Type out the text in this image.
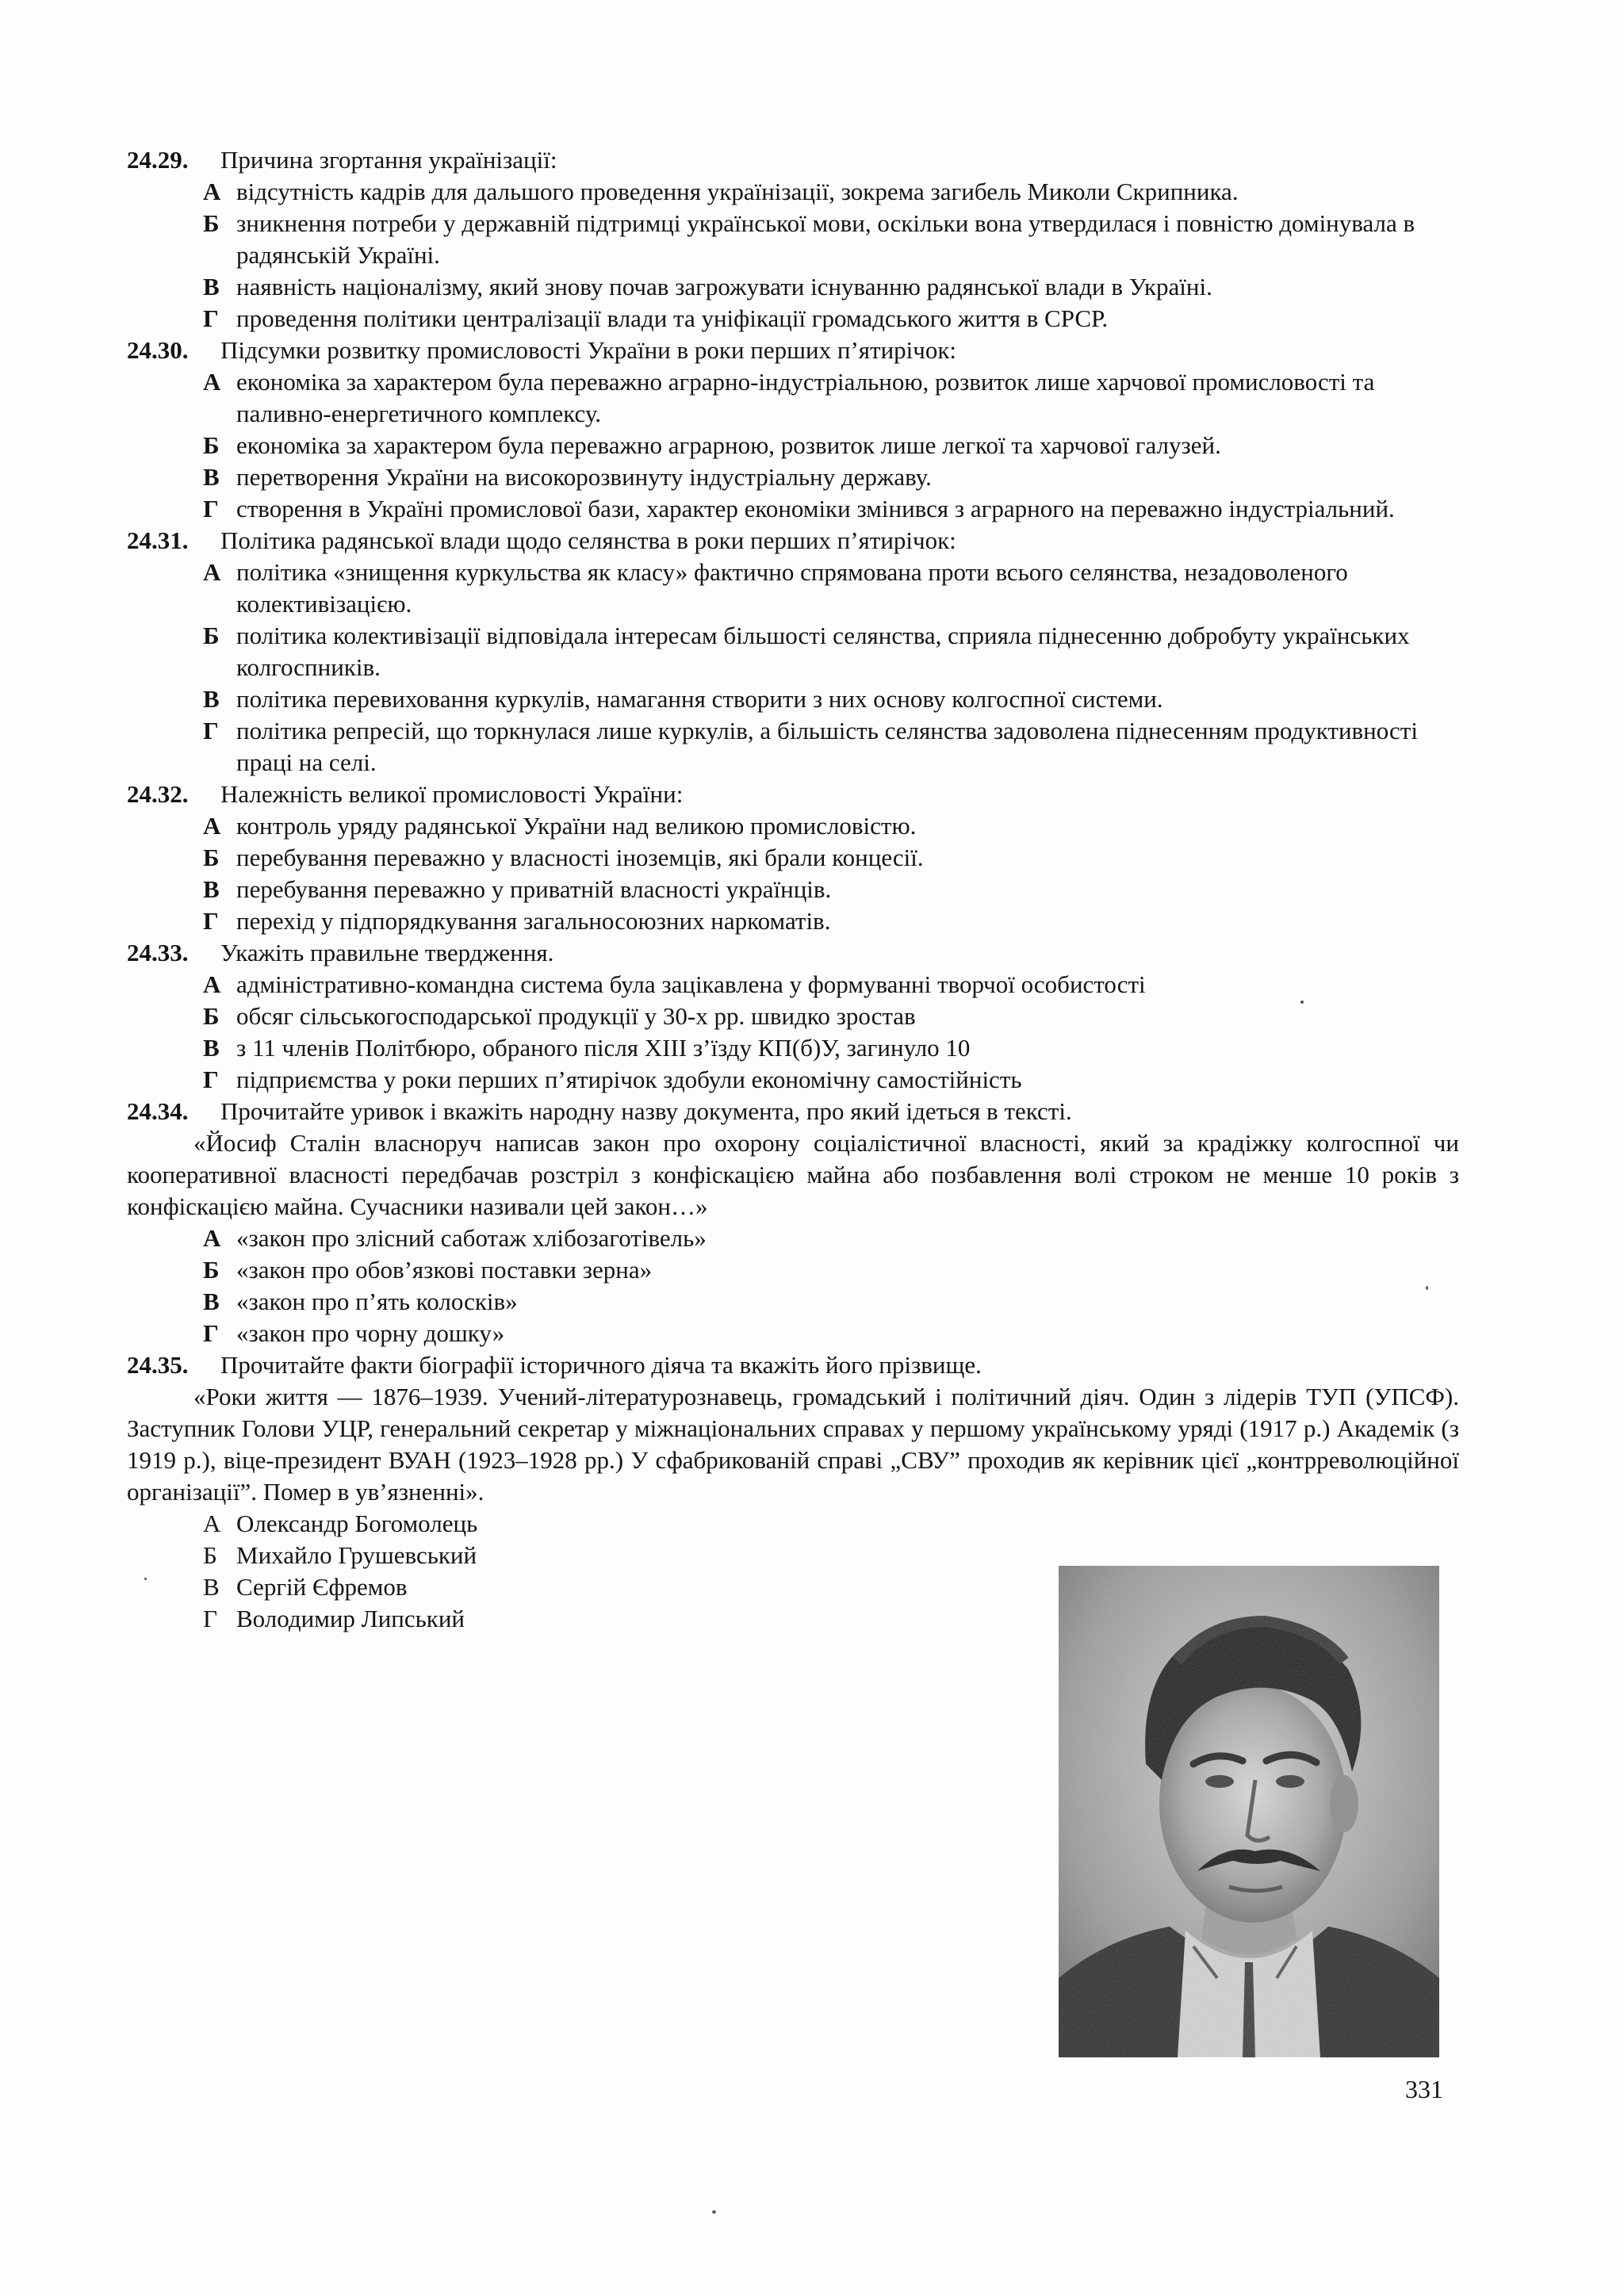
24.29.	Причина згортання українізації:
А відсутність кадрів для дальшого проведення українізації, зокрема загибель Миколи Скрипника.
Б зникнення потреби у державній підтримці української мови, оскільки вона утвердилася і повністю домінувала в радянській Україні.
В наявність націоналізму, який знову почав загрожувати існуванню радянської влади в Україні.
Г проведення політики централізації влади та уніфікації громадського життя в СРСР.
24.30.	Підсумки розвитку промисловості України в роки перших п’ятирічок:
А економіка за характером була переважно аграрно-індустріальною, розвиток лише харчової промисловості та паливно-енергетичного комплексу.
Б економіка за характером була переважно аграрною, розвиток лише легкої та харчової галузей.
В перетворення України на високорозвинуту індустріальну державу.
Г створення в Україні промислової бази, характер економіки змінився з аграрного на переважно індустріальний.
24.31.	Політика радянської влади щодо селянства в роки перших п’ятирічок:
А політика «знищення куркульства як класу» фактично спрямована проти всього селянства, незадоволеного колективізацією.
Б політика колективізації відповідала інтересам більшості селянства, сприяла піднесенню добробуту українських колгоспників.
В політика перевиховання куркулів, намагання створити з них основу колгоспної системи.
Г політика репресій, що торкнулася лише куркулів, а більшість селянства задоволена піднесенням продуктивності праці на селі.
24.32.	Належність великої промисловості України:
А контроль уряду радянської України над великою промисловістю.
Б перебування переважно у власності іноземців, які брали концесії.
В перебування переважно у приватній власності українців.
Г перехід у підпорядкування загальносоюзних наркоматів.
24.33.	Укажіть правильне твердження.
А адміністративно-командна система була зацікавлена у формуванні творчої особистості
Б обсяг сільськогосподарської продукції у 30-х рр. швидко зростав
В з 11 членів Політбюро, обраного після XIII з’їзду КП(б)У, загинуло 10
Г підприємства у роки перших п’ятирічок здобули економічну самостійність
24.34.	Прочитайте уривок і вкажіть народну назву документа, про який ідеться в тексті.

«Йосиф Сталін власноруч написав закон про охорону соціалістичної власності, який за крадіжку колгоспної чи кооперативної власності передбачав розстріл з конфіскацією майна або позбавлення волі строком не менше 10 років з конфіскацією майна. Сучасники називали цей закон…»

А «закон про злісний саботаж хлібозаготівель»
Б «закон про обов’язкові поставки зерна»
В «закон про п’ять колосків»
Г «закон про чорну дошку»
24.35.	Прочитайте факти біографії історичного діяча та вкажіть його прізвище.

«Роки життя — 1876–1939. Учений-літературознавець, громадський і політичний діяч. Один з лідерів ТУП (УПСФ). Заступник Голови УЦР, генеральний секретар у міжнаціональних справах у першому українському уряді (1917 р.) Академік (з 1919 р.), віце-президент ВУАН (1923–1928 рр.) У сфабрикованій справі „СВУ” проходив як керівник цієї „контрреволюційної організації”. Помер в ув’язненні».

А Олександр Богомолець
Б Михайло Грушевський
В Сергій Єфремов
Г Володимир Липський
331
